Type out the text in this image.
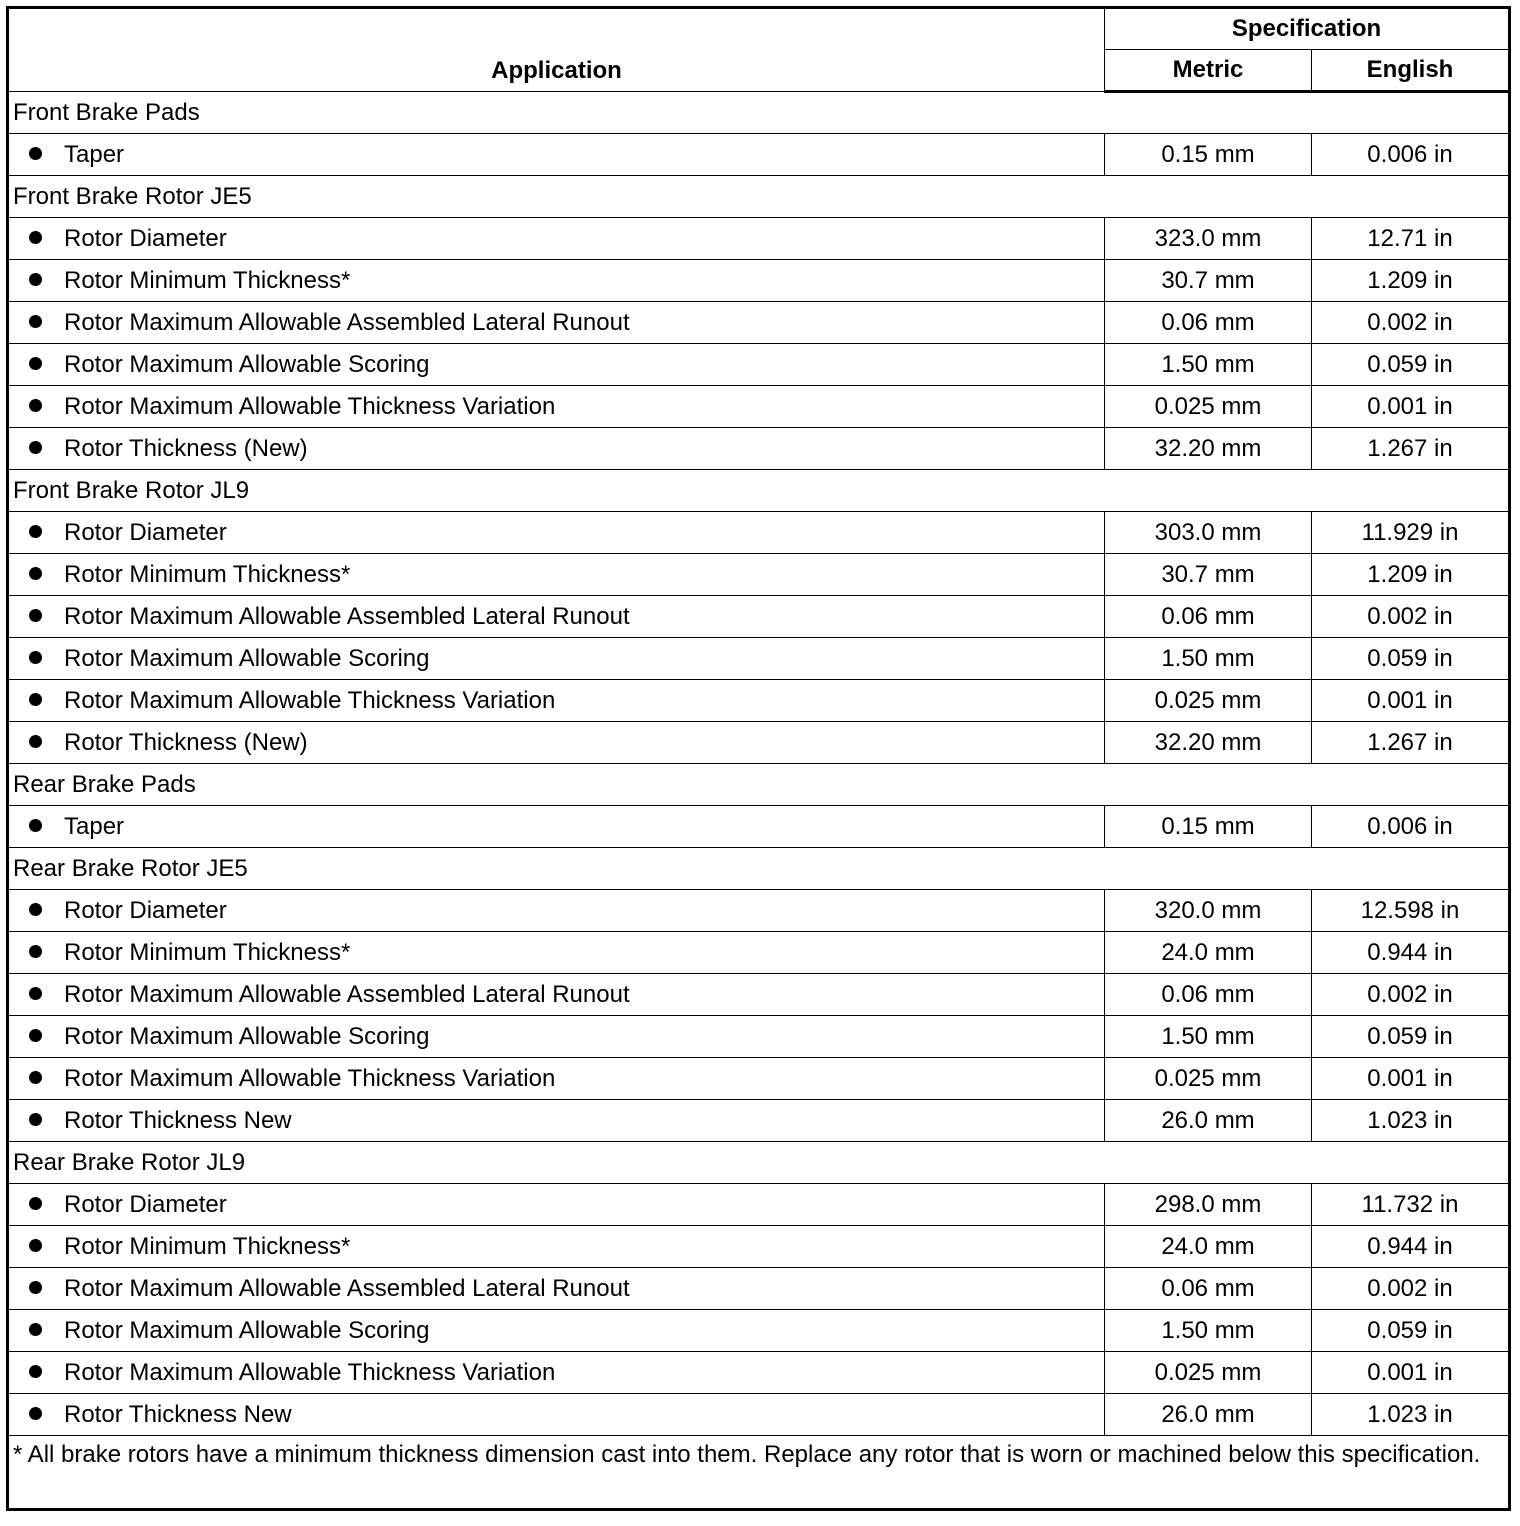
Application	Specification	
	Metric	English
Front Brake Pads		
Taper	0.15 mm	0.006 in
Front Brake Rotor JE5		
Rotor Diameter	323.0 mm	12.71 in
Rotor Minimum Thickness*	30.7 mm	1.209 in
Rotor Maximum Allowable Assembled Lateral Runout	0.06 mm	0.002 in
Rotor Maximum Allowable Scoring	1.50 mm	0.059 in
Rotor Maximum Allowable Thickness Variation	0.025 mm	0.001 in
Rotor Thickness (New)	32.20 mm	1.267 in
Front Brake Rotor JL9		
Rotor Diameter	303.0 mm	11.929 in
Rotor Minimum Thickness*	30.7 mm	1.209 in
Rotor Maximum Allowable Assembled Lateral Runout	0.06 mm	0.002 in
Rotor Maximum Allowable Scoring	1.50 mm	0.059 in
Rotor Maximum Allowable Thickness Variation	0.025 mm	0.001 in
Rotor Thickness (New)	32.20 mm	1.267 in
Rear Brake Pads		
Taper	0.15 mm	0.006 in
Rear Brake Rotor JE5		
Rotor Diameter	320.0 mm	12.598 in
Rotor Minimum Thickness*	24.0 mm	0.944 in
Rotor Maximum Allowable Assembled Lateral Runout	0.06 mm	0.002 in
Rotor Maximum Allowable Scoring	1.50 mm	0.059 in
Rotor Maximum Allowable Thickness Variation	0.025 mm	0.001 in
Rotor Thickness New	26.0 mm	1.023 in
Rear Brake Rotor JL9		
Rotor Diameter	298.0 mm	11.732 in
Rotor Minimum Thickness*	24.0 mm	0.944 in
Rotor Maximum Allowable Assembled Lateral Runout	0.06 mm	0.002 in
Rotor Maximum Allowable Scoring	1.50 mm	0.059 in
Rotor Maximum Allowable Thickness Variation	0.025 mm	0.001 in
Rotor Thickness New	26.0 mm	1.023 in
* All brake rotors have a minimum thickness dimension cast into them. Replace any rotor that is worn or machined below this specification.		
